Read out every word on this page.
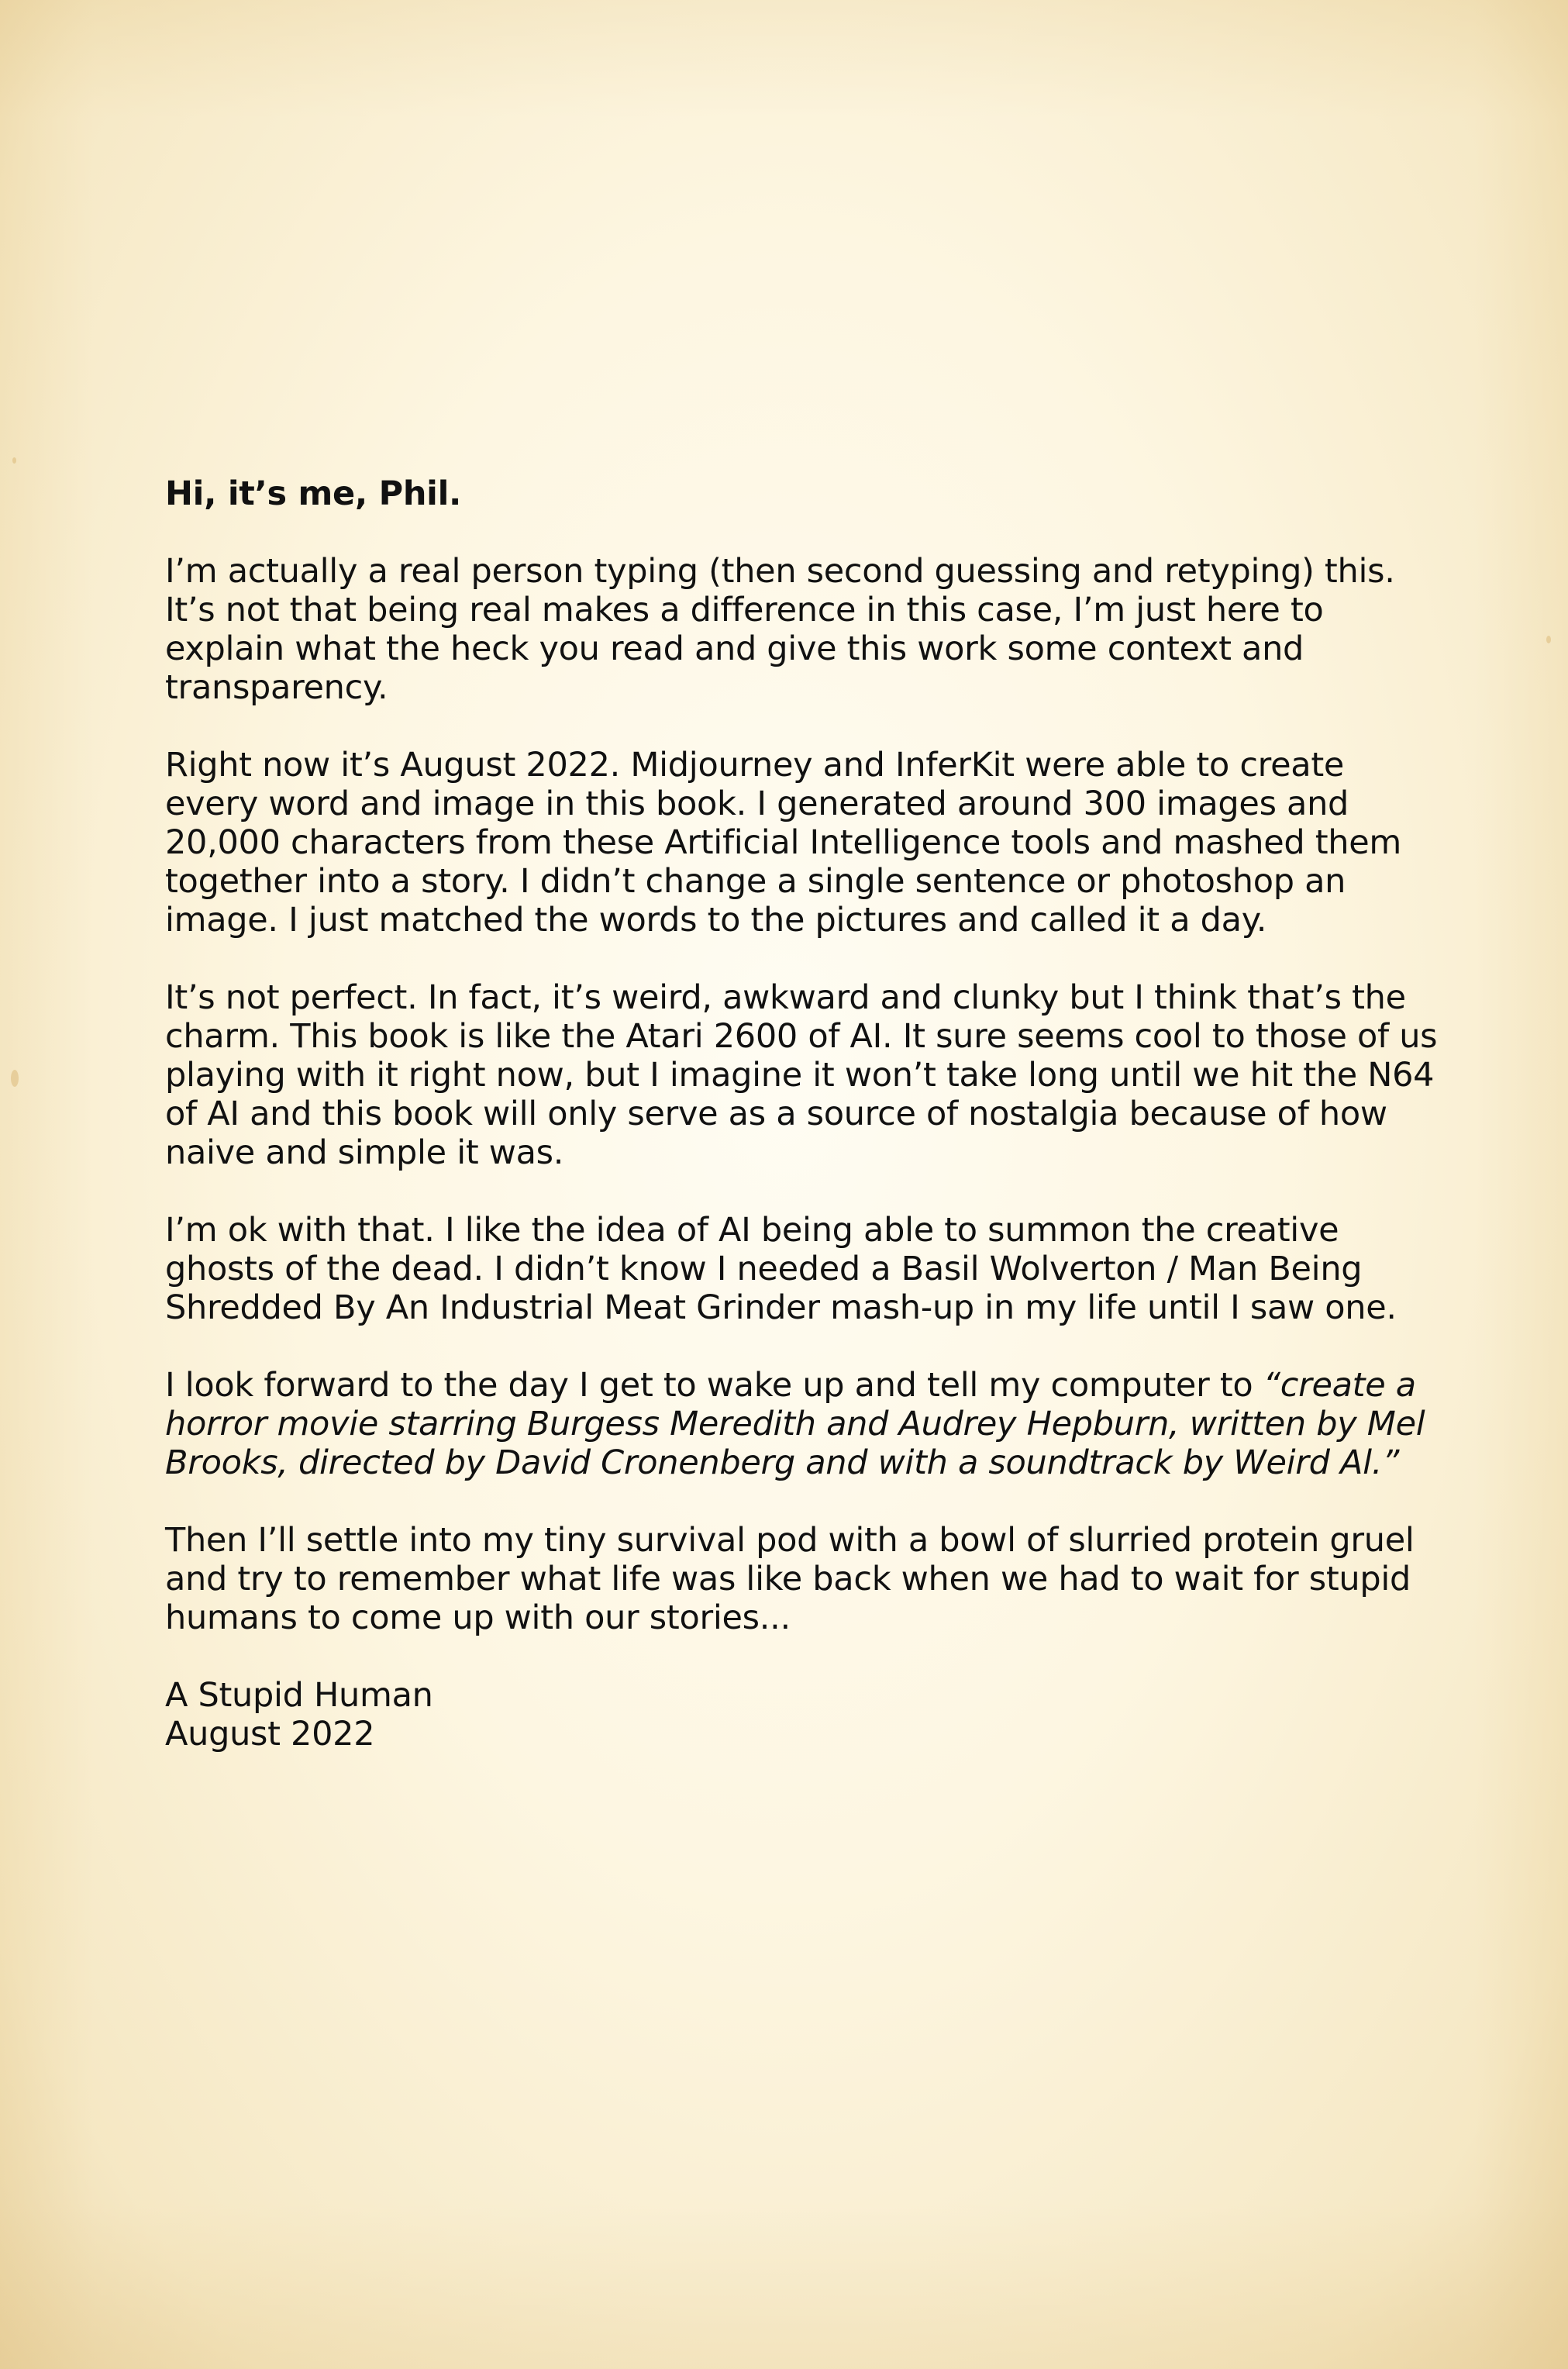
Hi, it’s me, Phil.

I’m actually a real person typing (then second guessing and retyping) this. It’s not that being real makes a difference in this case, I’m just here to explain what the heck you read and give this work some context and transparency.

Right now it’s August 2022. Midjourney and InferKit were able to create every word and image in this book. I generated around 300 images and 20,000 characters from these Artificial Intelligence tools and mashed them together into a story. I didn’t change a single sentence or photoshop an image. I just matched the words to the pictures and called it a day.

It’s not perfect. In fact, it’s weird, awkward and clunky but I think that’s the charm. This book is like the Atari 2600 of AI. It sure seems cool to those of us playing with it right now, but I imagine it won’t take long until we hit the N64 of AI and this book will only serve as a source of nostalgia because of how naive and simple it was.

I’m ok with that. I like the idea of AI being able to summon the creative ghosts of the dead. I didn’t know I needed a Basil Wolverton / Man Being Shredded By An Industrial Meat Grinder mash-up in my life until I saw one.

I look forward to the day I get to wake up and tell my computer to “create a horror movie starring Burgess Meredith and Audrey Hepburn, written by Mel Brooks, directed by David Cronenberg and with a soundtrack by Weird Al.”

Then I’ll settle into my tiny survival pod with a bowl of slurried protein gruel and try to remember what life was like back when we had to wait for stupid humans to come up with our stories...

A Stupid Human
August 2022
